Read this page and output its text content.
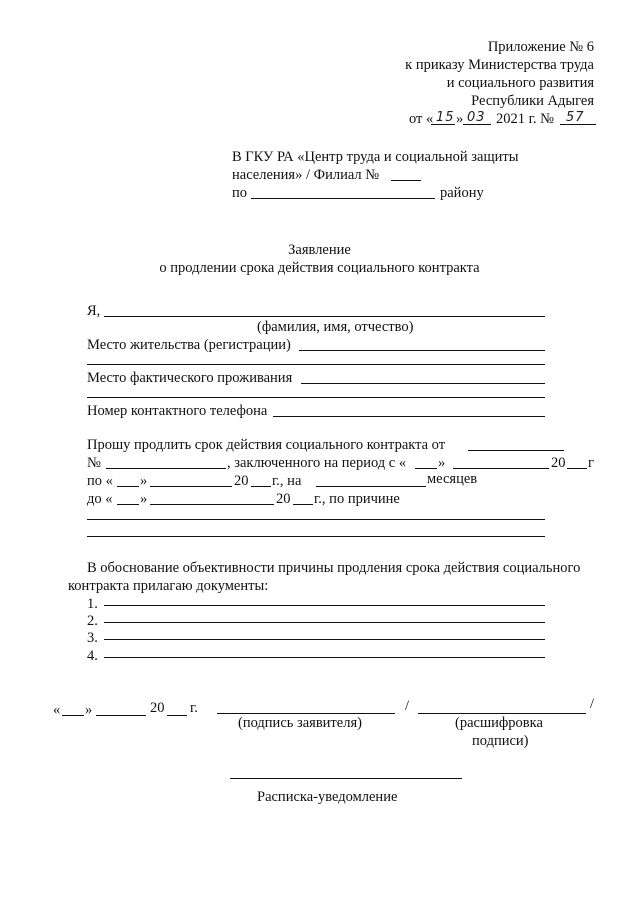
Приложение № 6
к приказу Министерства труда
и социального развития
Республики Адыгея
от « 15 » 03 2021 г. № 57
В ГКУ РА «Центр труда и социальной защиты
населения» / Филиал №
по	району
Заявление
о продлении срока действия социального контракта
Я,
(фамилия, имя, отчество)
Место жительства (регистрации)
Место фактического проживания
Номер контактного телефона
Прошу продлить срок действия социального контракта от
№	, заключенного на период с « »	20 г
по « »	20 г., на	месяцев
до « »	20 г., по причине
В обоснование объективности причины продления срока действия социального
контракта прилагаю документы:
1.
2.
3.
4.
« »	20 г.	/	/
(подпись заявителя)	(расшифровка
подписи)
Расписка-уведомление
